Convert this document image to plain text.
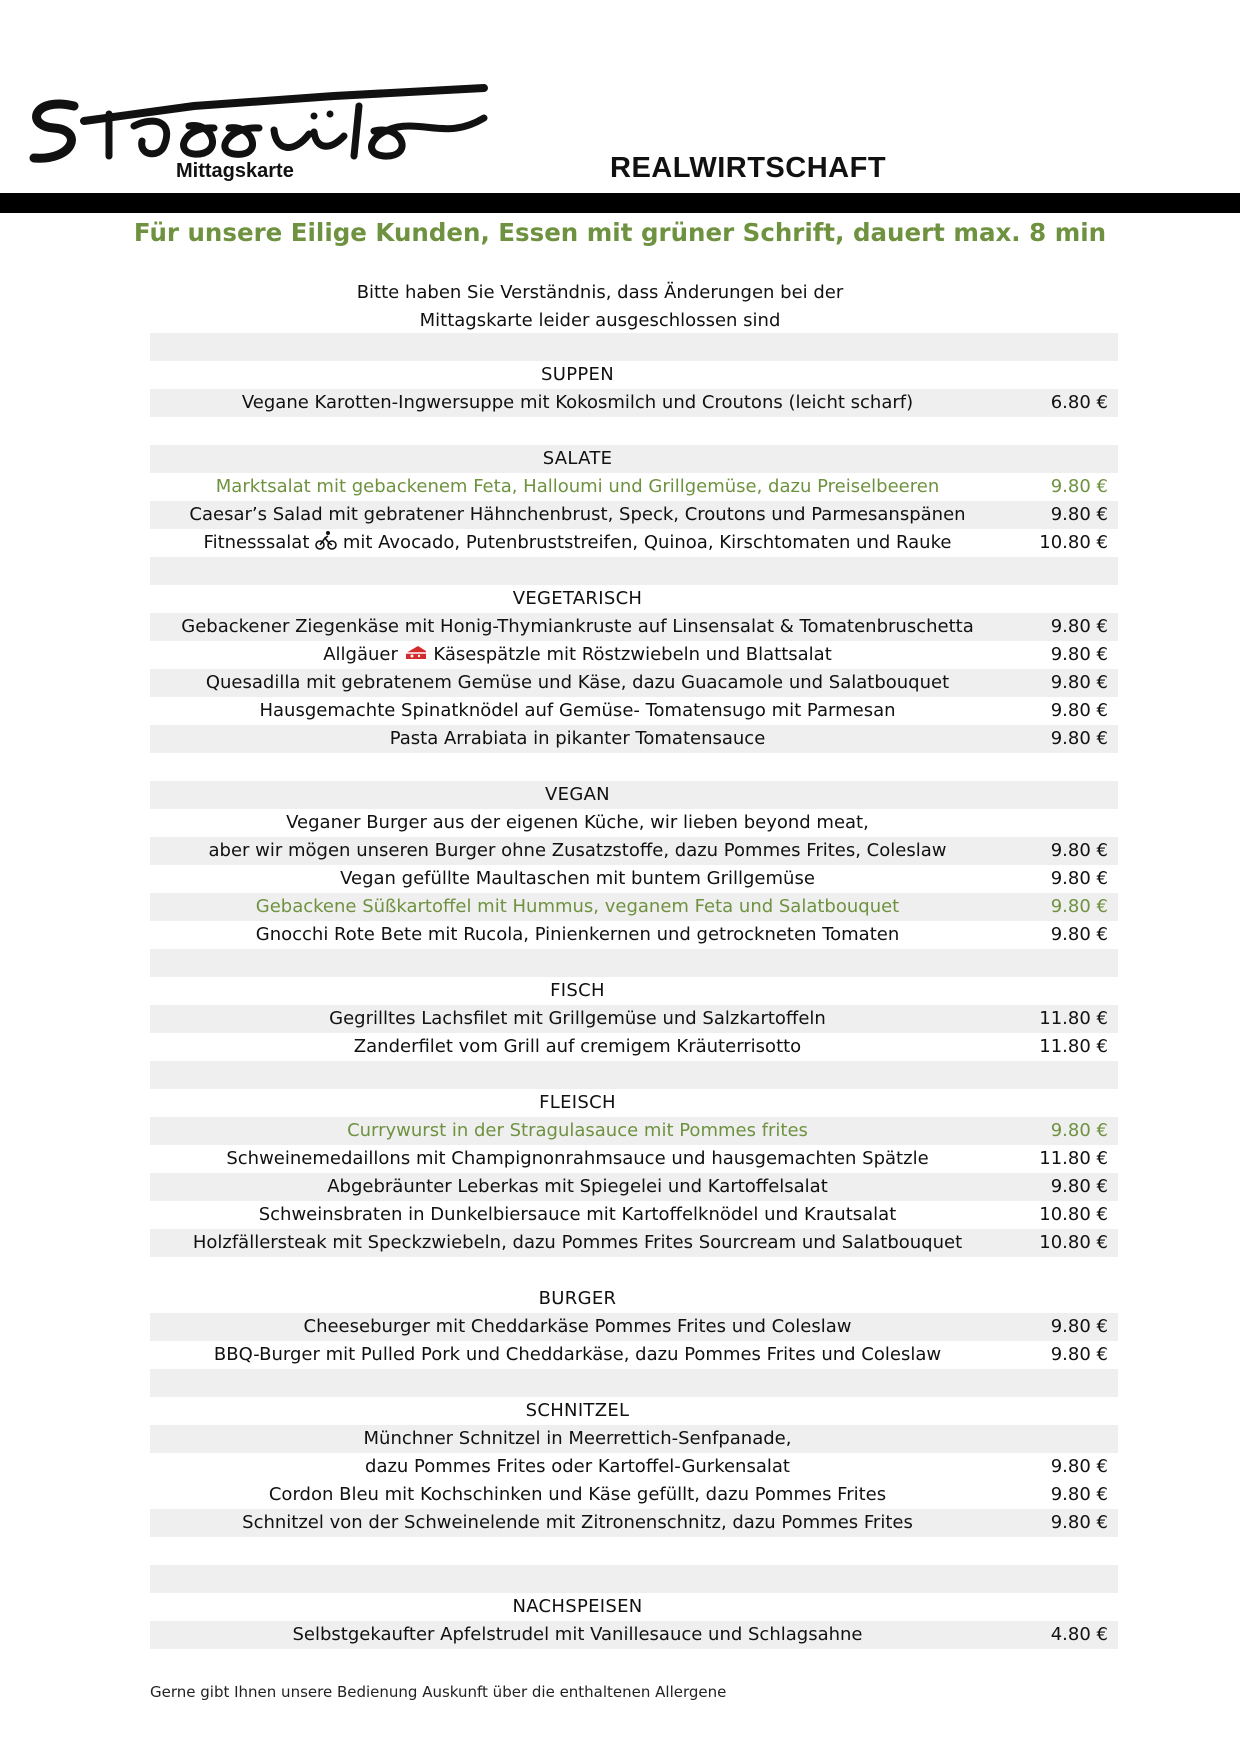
Mittagskarte	REALWIRTSCHAFT
Für unsere Eilige Kunden, Essen mit grüner Schrift, dauert max. 8 min
Bitte haben Sie Verständnis, dass Änderungen bei der
Mittagskarte leider ausgeschlossen sind
SUPPEN
Vegane Karotten-Ingwersuppe mit Kokosmilch und Croutons (leicht scharf)	6.80 €
SALATE
Marktsalat mit gebackenem Feta, Halloumi und Grillgemüse, dazu Preiselbeeren	9.80 €
Caesar’s Salad mit gebratener Hähnchenbrust, Speck, Croutons und Parmesanspänen	9.80 €
Fitnesssalat  mit Avocado, Putenbruststreifen, Quinoa, Kirschtomaten und Rauke	10.80 €
VEGETARISCH
Gebackener Ziegenkäse mit Honig-Thymiankruste auf Linsensalat & Tomatenbruschetta	9.80 €
Allgäuer  Käsespätzle mit Röstzwiebeln und Blattsalat	9.80 €
Quesadilla mit gebratenem Gemüse und Käse, dazu Guacamole und Salatbouquet	9.80 €
Hausgemachte Spinatknödel auf Gemüse- Tomatensugo mit Parmesan	9.80 €
Pasta Arrabiata in pikanter Tomatensauce	9.80 €
VEGAN
Veganer Burger aus der eigenen Küche, wir lieben beyond meat,
aber wir mögen unseren Burger ohne Zusatzstoffe, dazu Pommes Frites, Coleslaw	9.80 €
Vegan gefüllte Maultaschen mit buntem Grillgemüse	9.80 €
Gebackene Süßkartoffel mit Hummus, veganem Feta und Salatbouquet	9.80 €
Gnocchi Rote Bete mit Rucola, Pinienkernen und getrockneten Tomaten	9.80 €
FISCH
Gegrilltes Lachsfilet mit Grillgemüse und Salzkartoffeln	11.80 €
Zanderfilet vom Grill auf cremigem Kräuterrisotto	11.80 €
FLEISCH
Currywurst in der Stragulasauce mit Pommes frites	9.80 €
Schweinemedaillons mit Champignonrahmsauce und hausgemachten Spätzle	11.80 €
Abgebräunter Leberkas mit Spiegelei und Kartoffelsalat	9.80 €
Schweinsbraten in Dunkelbiersauce mit Kartoffelknödel und Krautsalat	10.80 €
Holzfällersteak mit Speckzwiebeln, dazu Pommes Frites Sourcream und Salatbouquet	10.80 €
BURGER
Cheeseburger mit Cheddarkäse Pommes Frites und Coleslaw	9.80 €
BBQ-Burger mit Pulled Pork und Cheddarkäse, dazu Pommes Frites und Coleslaw	9.80 €
SCHNITZEL
Münchner Schnitzel in Meerrettich-Senfpanade,
dazu Pommes Frites oder Kartoffel-Gurkensalat	9.80 €
Cordon Bleu mit Kochschinken und Käse gefüllt, dazu Pommes Frites	9.80 €
Schnitzel von der Schweinelende mit Zitronenschnitz, dazu Pommes Frites	9.80 €
NACHSPEISEN
Selbstgekaufter Apfelstrudel mit Vanillesauce und Schlagsahne	4.80 €
Gerne gibt Ihnen unsere Bedienung Auskunft über die enthaltenen Allergene
